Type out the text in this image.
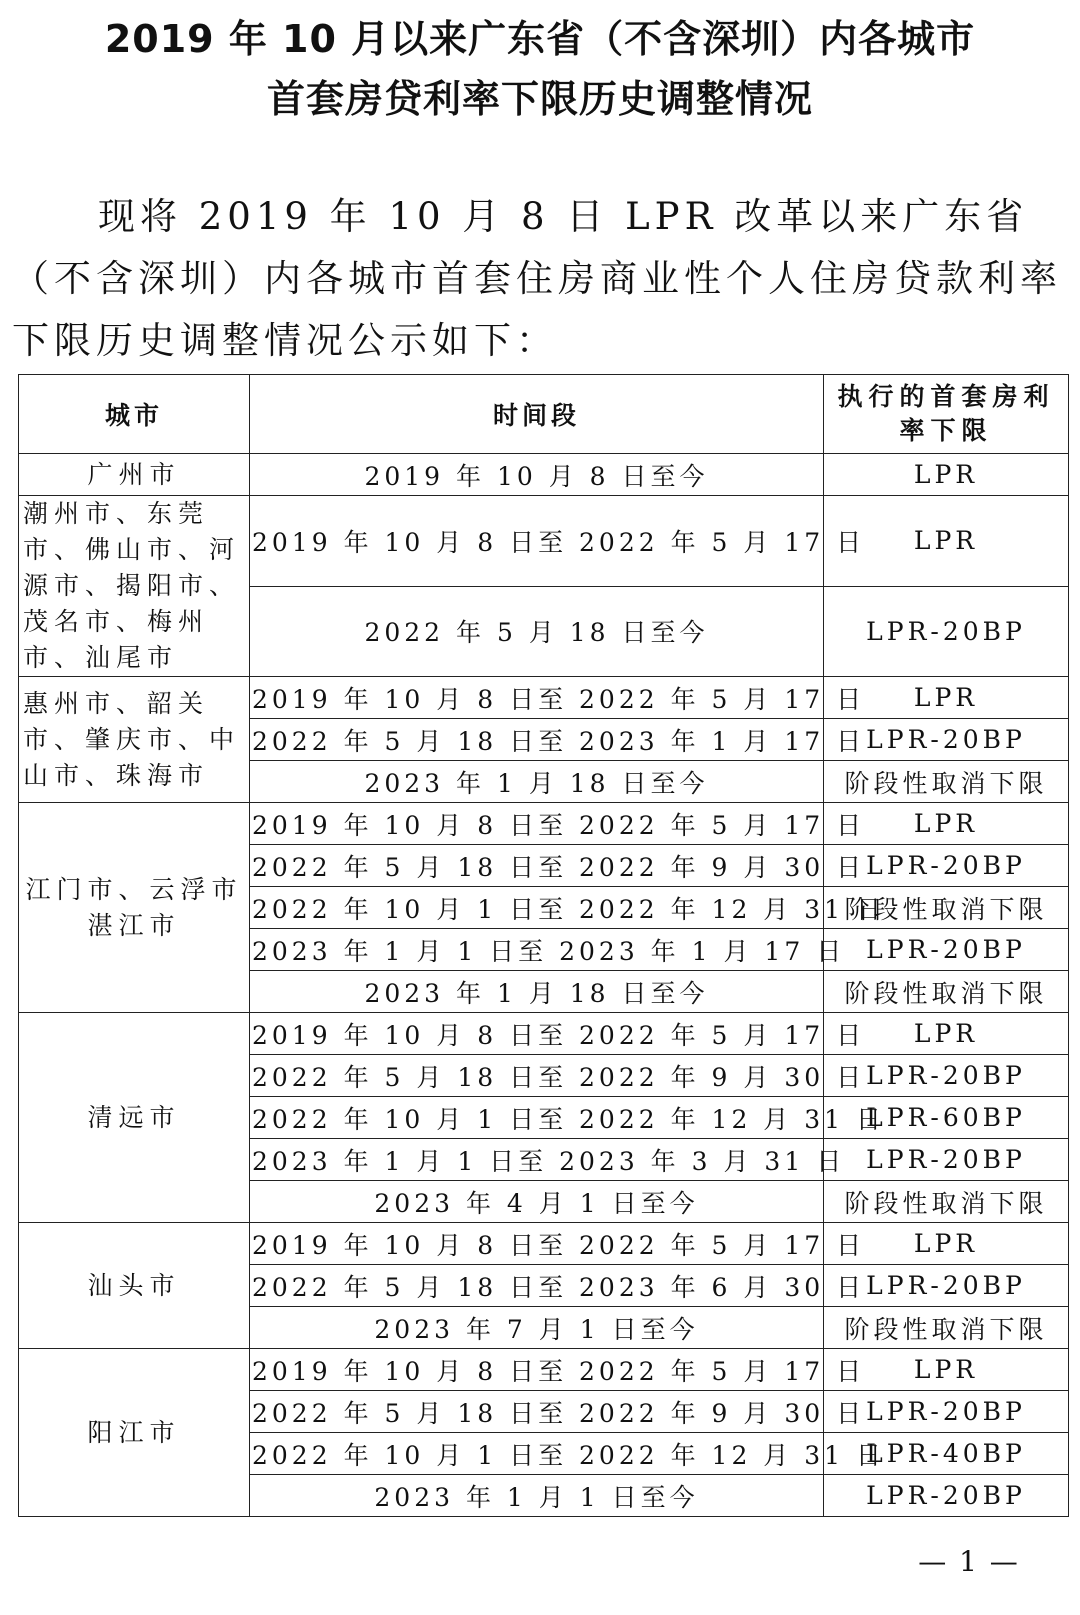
2019 年 10 月以来广东省（不含深圳）内各城市
首套房贷利率下限历史调整情况

现将 2019 年 10 月 8 日 LPR 改革以来广东省（不含深圳）内各城市首套住房商业性个人住房贷款利率下限历史调整情况公示如下：

城市	时间段	执行的首套房利率下限
广州市	2019 年 10 月 8 日至今	LPR
潮州市、东莞市、佛山市、河源市、揭阳市、茂名市、梅州市、汕尾市	2019 年 10 月 8 日至 2022 年 5 月 17 日	LPR
	2022 年 5 月 18 日至今	LPR-20BP
惠州市、韶关市、肇庆市、中山市、珠海市	2019 年 10 月 8 日至 2022 年 5 月 17 日	LPR
	2022 年 5 月 18 日至 2023 年 1 月 17 日	LPR-20BP
	2023 年 1 月 18 日至今	阶段性取消下限
江门市、云浮市湛江市	2019 年 10 月 8 日至 2022 年 5 月 17 日	LPR
	2022 年 5 月 18 日至 2022 年 9 月 30 日	LPR-20BP
	2022 年 10 月 1 日至 2022 年 12 月 31 日	阶段性取消下限
	2023 年 1 月 1 日至 2023 年 1 月 17 日	LPR-20BP
	2023 年 1 月 18 日至今	阶段性取消下限
清远市	2019 年 10 月 8 日至 2022 年 5 月 17 日	LPR
	2022 年 5 月 18 日至 2022 年 9 月 30 日	LPR-20BP
	2022 年 10 月 1 日至 2022 年 12 月 31 日	LPR-60BP
	2023 年 1 月 1 日至 2023 年 3 月 31 日	LPR-20BP
	2023 年 4 月 1 日至今	阶段性取消下限
汕头市	2019 年 10 月 8 日至 2022 年 5 月 17 日	LPR
	2022 年 5 月 18 日至 2023 年 6 月 30 日	LPR-20BP
	2023 年 7 月 1 日至今	阶段性取消下限
阳江市	2019 年 10 月 8 日至 2022 年 5 月 17 日	LPR
	2022 年 5 月 18 日至 2022 年 9 月 30 日	LPR-20BP
	2022 年 10 月 1 日至 2022 年 12 月 31 日	LPR-40BP
	2023 年 1 月 1 日至今	LPR-20BP
— 1 —
